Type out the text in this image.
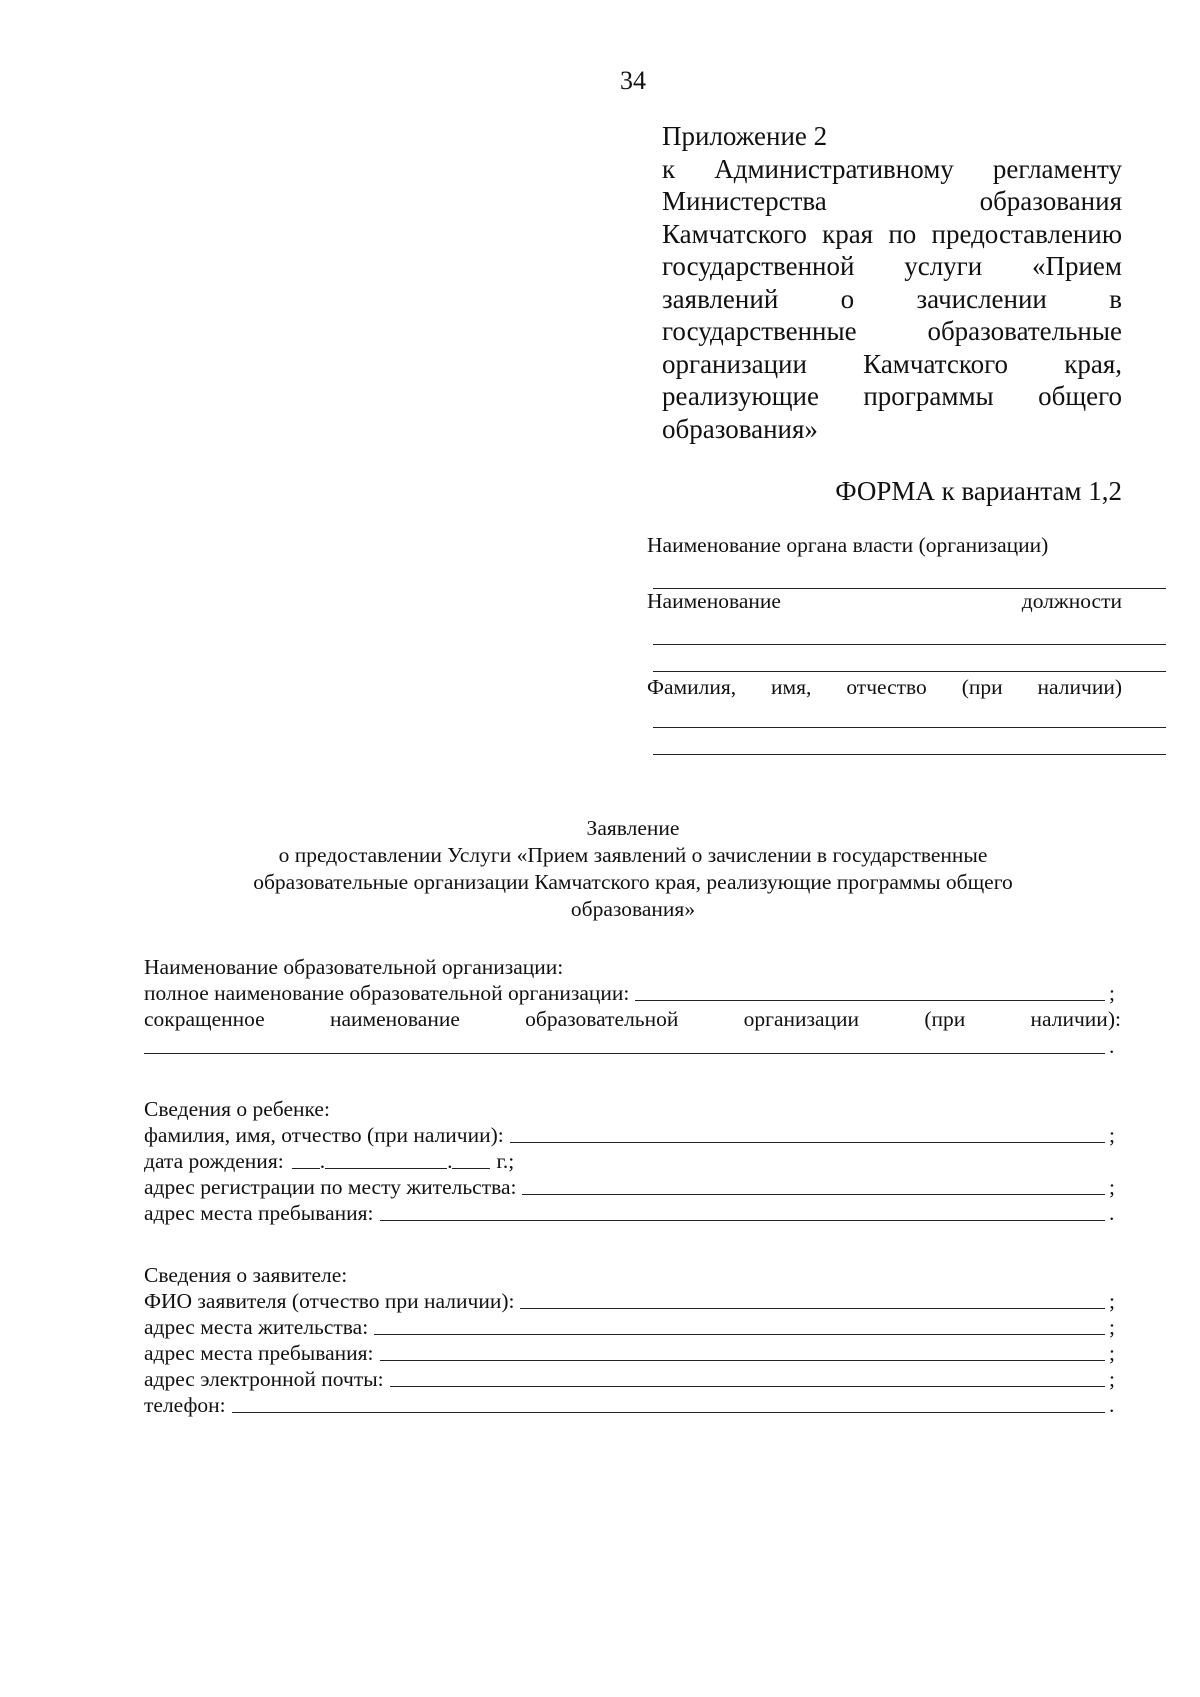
34
Приложение 2
к Административному регламенту
Министерства образования
Камчатского края по предоставлению
государственной услуги «Прием
заявлений о зачислении в
государственные образовательные
организации Камчатского края,
реализующие программы общего
образования»
ФОРМА к вариантам 1,2
Наименование органа власти (организации)
Наименование	должности
Фамилия, имя, отчество (при наличии)
Заявление
о предоставлении Услуги «Прием заявлений о зачислении в государственные
образовательные организации Камчатского края, реализующие программы общего
образования»
Наименование образовательной организации:
полное наименование образовательной организации:	;
сокращенное	наименование	образовательной	организации	(при	наличии):
.
Сведения о ребенке:
фамилия, имя, отчество (при наличии):	;
дата рождения: .	. г.;
адрес регистрации по месту жительства:	;
адрес места пребывания:	.
Сведения о заявителе:
ФИО заявителя (отчество при наличии):	;
адрес места жительства:	;
адрес места пребывания:	;
адрес электронной почты:	;
телефон:	.
